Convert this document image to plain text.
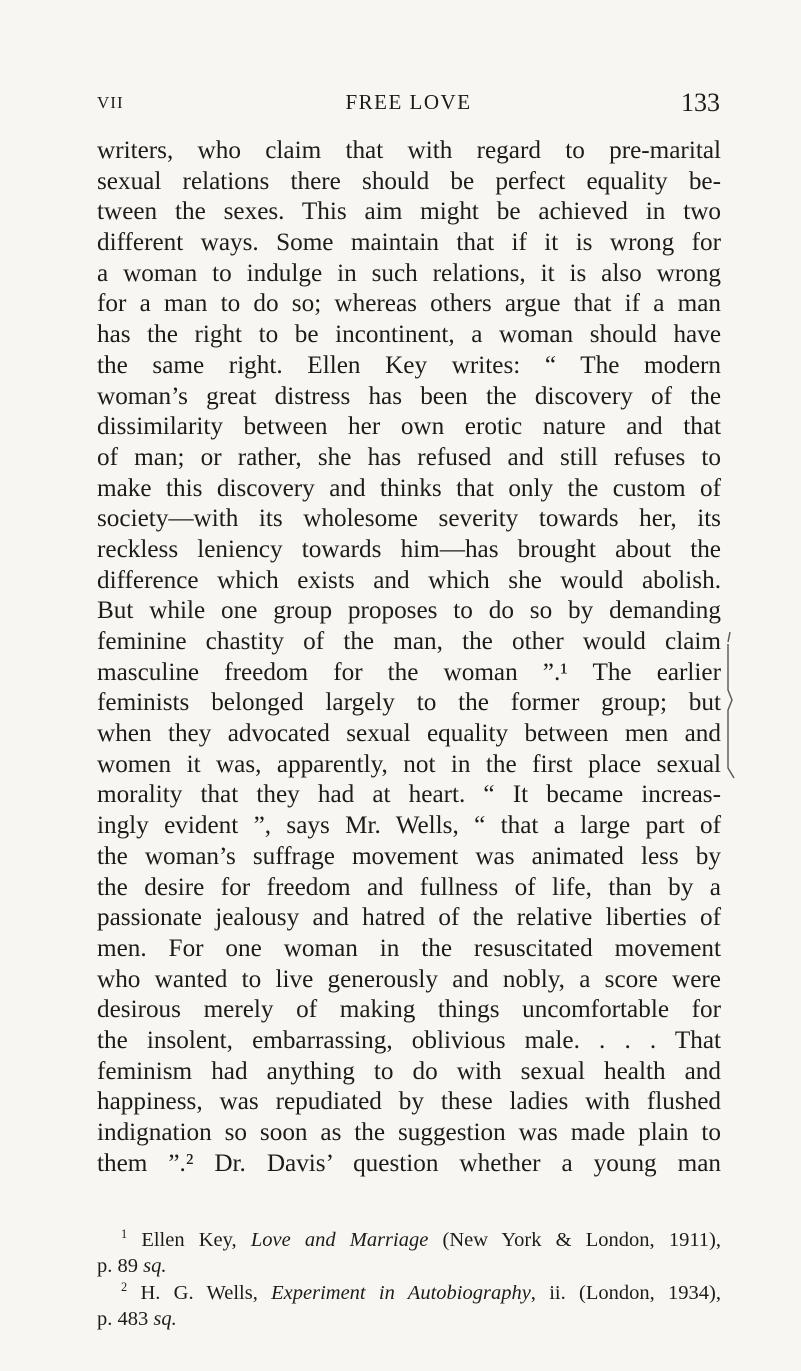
VII	FREE LOVE	133
writers, who claim that with regard to pre-marital
sexual relations there should be perfect equality be-
tween the sexes. This aim might be achieved in two
different ways. Some maintain that if it is wrong for
a woman to indulge in such relations, it is also wrong
for a man to do so; whereas others argue that if a man
has the right to be incontinent, a woman should have
the same right. Ellen Key writes: “ The modern
woman’s great distress has been the discovery of the
dissimilarity between her own erotic nature and that
of man; or rather, she has refused and still refuses to
make this discovery and thinks that only the custom of
society—with its wholesome severity towards her, its
reckless leniency towards him—has brought about the
difference which exists and which she would abolish.
But while one group proposes to do so by demanding
feminine chastity of the man, the other would claim
masculine freedom for the woman ”.¹ The earlier
feminists belonged largely to the former group; but
when they advocated sexual equality between men and
women it was, apparently, not in the first place sexual
morality that they had at heart. “ It became increas-
ingly evident ”, says Mr. Wells, “ that a large part of
the woman’s suffrage movement was animated less by
the desire for freedom and fullness of life, than by a
passionate jealousy and hatred of the relative liberties of
men. For one woman in the resuscitated movement
who wanted to live generously and nobly, a score were
desirous merely of making things uncomfortable for
the insolent, embarrassing, oblivious male. . . . That
feminism had anything to do with sexual health and
happiness, was repudiated by these ladies with flushed
indignation so soon as the suggestion was made plain to
them ”.² Dr. Davis’ question whether a young man
$^1$ Ellen Key, Love and Marriage (New York & London, 1911),
p. 89 sq.
$^2$ H. G. Wells, Experiment in Autobiography, ii. (London, 1934),
p. 483 sq.
